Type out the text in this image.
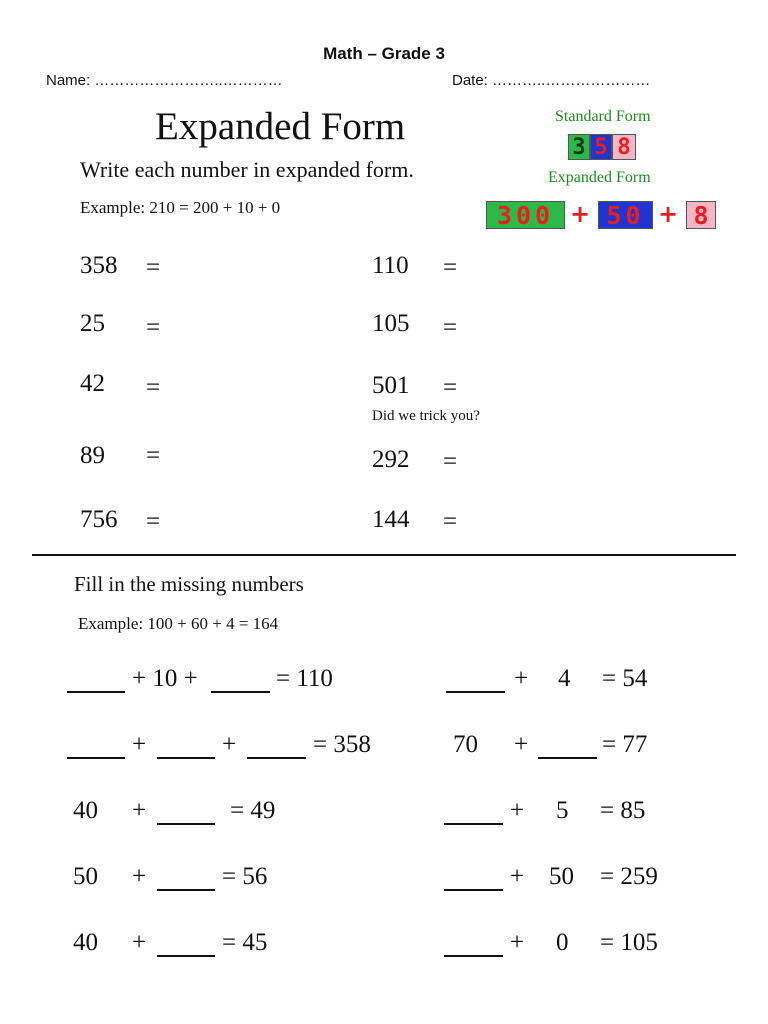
Math – Grade 3
Name: ……………………..…………	Date: ………..…………………
Expanded Form
Write each number in expanded form.
Example: 210 = 200 + 10 + 0
Standard Form
3 5 8
Expanded Form
300 + 50 + 8
358 =
25 =
42 =
89 =
756 =
110 =
105 =
501 =
Did we trick you?
292 =
144 =
Fill in the missing numbers
Example: 100 + 60 + 4 = 164
+ 10 +	= 110	+ 4 = 54
+	+	= 358	70 +	= 77
40 +	= 49	+ 5 = 85
50 +	= 56	+ 50 = 259
40 +	= 45	+ 0 = 105
